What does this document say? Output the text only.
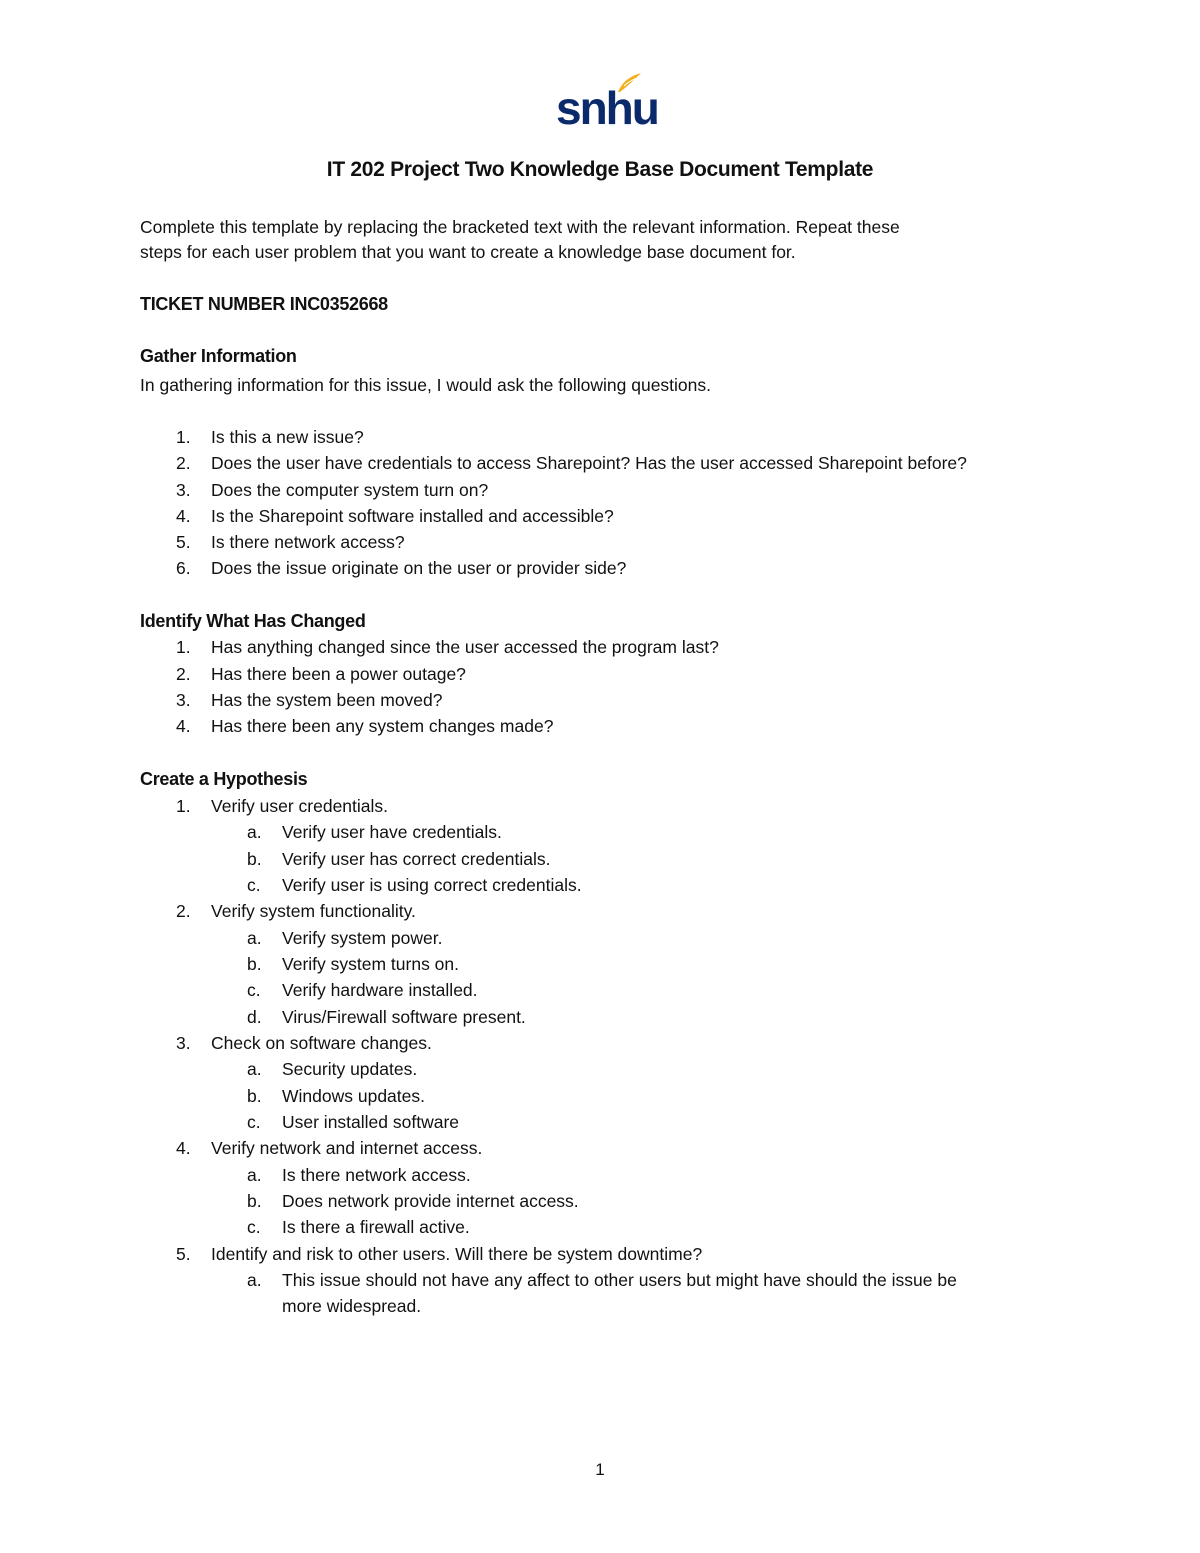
snhu
IT 202 Project Two Knowledge Base Document Template
Complete this template by replacing the bracketed text with the relevant information. Repeat these
steps for each user problem that you want to create a knowledge base document for.
TICKET NUMBER INC0352668
Gather Information
In gathering information for this issue, I would ask the following questions.
1. Is this a new issue?
2. Does the user have credentials to access Sharepoint? Has the user accessed Sharepoint before?
3. Does the computer system turn on?
4. Is the Sharepoint software installed and accessible?
5. Is there network access?
6. Does the issue originate on the user or provider side?
Identify What Has Changed
1. Has anything changed since the user accessed the program last?
2. Has there been a power outage?
3. Has the system been moved?
4. Has there been any system changes made?
Create a Hypothesis
1. Verify user credentials.
a. Verify user have credentials.
b. Verify user has correct credentials.
c. Verify user is using correct credentials.
2. Verify system functionality.
a. Verify system power.
b. Verify system turns on.
c. Verify hardware installed.
d. Virus/Firewall software present.
3. Check on software changes.
a. Security updates.
b. Windows updates.
c. User installed software
4. Verify network and internet access.
a. Is there network access.
b. Does network provide internet access.
c. Is there a firewall active.
5. Identify and risk to other users. Will there be system downtime?
a. This issue should not have any affect to other users but might have should the issue be
more widespread.
1
